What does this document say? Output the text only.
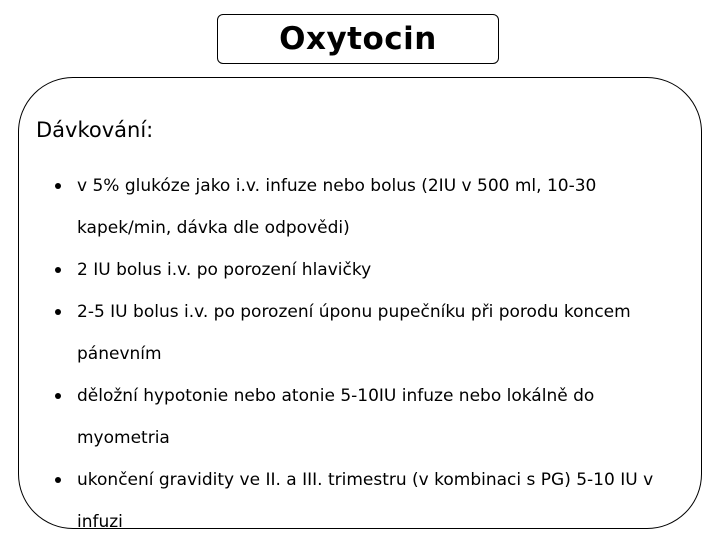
Oxytocin
Dávkování:
v 5% glukóze jako i.v. infuze nebo bolus (2IU v 500 ml, 10-30 kapek/min, dávka dle odpovědi)
2 IU bolus i.v. po porození hlavičky
2-5 IU bolus i.v. po porození úponu pupečníku při porodu koncem pánevním
děložní hypotonie nebo atonie 5-10IU infuze nebo lokálně do myometria
ukončení gravidity ve II. a III. trimestru (v kombinaci s PG) 5-10 IU v infuzi
